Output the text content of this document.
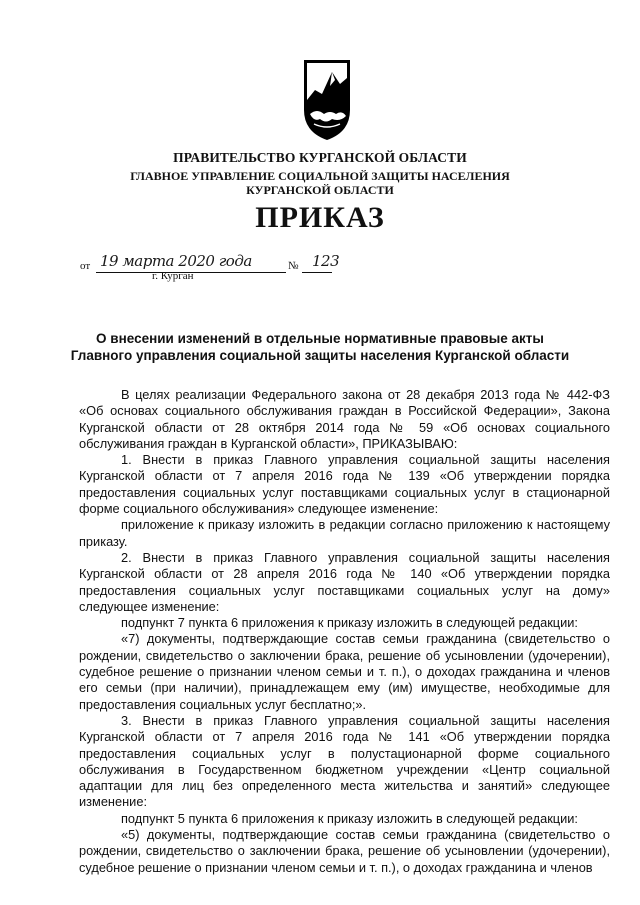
ПРАВИТЕЛЬСТВО КУРГАНСКОЙ ОБЛАСТИ

ГЛАВНОЕ УПРАВЛЕНИЕ СОЦИАЛЬНОЙ ЗАЩИТЫ НАСЕЛЕНИЯ
КУРГАНСКОЙ ОБЛАСТИ

ПРИКАЗ

от 19 марта 2020 года	№ 123
г. Курган

О внесении изменений в отдельные нормативные правовые акты
Главного управления социальной защиты населения Курганской области

В целях реализации Федерального закона от 28 декабря 2013 года № 442-ФЗ «Об основах социального обслуживания граждан в Российской Федерации», Закона Курганской области от 28 октября 2014 года № 59 «Об основах социального обслуживания граждан в Курганской области», ПРИКАЗЫВАЮ:

1. Внести в приказ Главного управления социальной защиты населения Курганской области от 7 апреля 2016 года № 139 «Об утверждении порядка предоставления социальных услуг поставщиками социальных услуг в стационарной форме социального обслуживания» следующее изменение:

приложение к приказу изложить в редакции согласно приложению к настоящему приказу.

2. Внести в приказ Главного управления социальной защиты населения Курганской области от 28 апреля 2016 года № 140 «Об утверждении порядка предоставления социальных услуг поставщиками социальных услуг на дому» следующее изменение:

подпункт 7 пункта 6 приложения к приказу изложить в следующей редакции:

«7) документы, подтверждающие состав семьи гражданина (свидетельство о рождении, свидетельство о заключении брака, решение об усыновлении (удочерении), судебное решение о признании членом семьи и т. п.), о доходах гражданина и членов его семьи (при наличии), принадлежащем ему (им) имуществе, необходимые для предоставления социальных услуг бесплатно;».

3. Внести в приказ Главного управления социальной защиты населения Курганской области от 7 апреля 2016 года № 141 «Об утверждении порядка предоставления социальных услуг в полустационарной форме социального обслуживания в Государственном бюджетном учреждении «Центр социальной адаптации для лиц без определенного места жительства и занятий» следующее изменение:

подпункт 5 пункта 6 приложения к приказу изложить в следующей редакции:

«5) документы, подтверждающие состав семьи гражданина (свидетельство о рождении, свидетельство о заключении брака, решение об усыновлении (удочерении), судебное решение о признании членом семьи и т. п.), о доходах гражданина и членов
